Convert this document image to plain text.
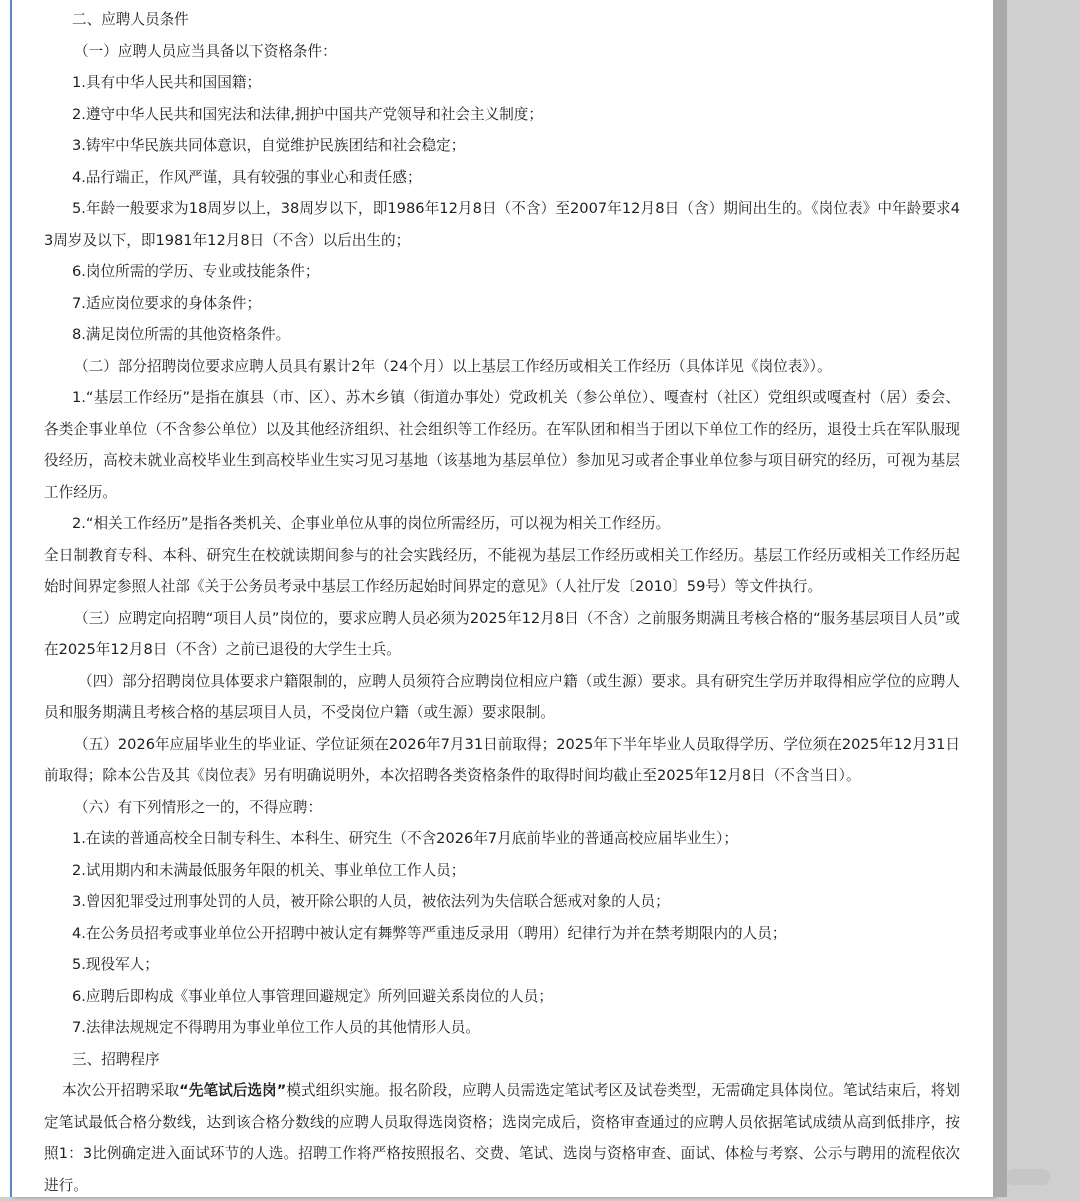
二、应聘人员条件

（一）应聘人员应当具备以下资格条件：

1.具有中华人民共和国国籍；

2.遵守中华人民共和国宪法和法律,拥护中国共产党领导和社会主义制度；

3.铸牢中华民族共同体意识，自觉维护民族团结和社会稳定；

4.品行端正，作风严谨，具有较强的事业心和责任感；

5.年龄一般要求为18周岁以上，38周岁以下，即1986年12月8日（不含）至2007年12月8日（含）期间出生的。《岗位表》中年龄要求43周岁及以下，即1981年12月8日（不含）以后出生的；

6.岗位所需的学历、专业或技能条件；

7.适应岗位要求的身体条件；

8.满足岗位所需的其他资格条件。

（二）部分招聘岗位要求应聘人员具有累计2年（24个月）以上基层工作经历或相关工作经历（具体详见《岗位表》）。

1.“基层工作经历”是指在旗县（市、区）、苏木乡镇（街道办事处）党政机关（参公单位）、嘎查村（社区）党组织或嘎查村（居）委会、各类企事业单位（不含参公单位）以及其他经济组织、社会组织等工作经历。在军队团和相当于团以下单位工作的经历，退役士兵在军队服现役经历，高校未就业高校毕业生到高校毕业生实习见习基地（该基地为基层单位）参加见习或者企事业单位参与项目研究的经历，可视为基层工作经历。

2.“相关工作经历”是指各类机关、企事业单位从事的岗位所需经历，可以视为相关工作经历。

全日制教育专科、本科、研究生在校就读期间参与的社会实践经历，不能视为基层工作经历或相关工作经历。基层工作经历或相关工作经历起始时间界定参照人社部《关于公务员考录中基层工作经历起始时间界定的意见》（人社厅发〔2010〕59号）等文件执行。

（三）应聘定向招聘“项目人员”岗位的，要求应聘人员必须为2025年12月8日（不含）之前服务期满且考核合格的“服务基层项目人员”或在2025年12月8日（不含）之前已退役的大学生士兵。

（四）部分招聘岗位具体要求户籍限制的，应聘人员须符合应聘岗位相应户籍（或生源）要求。具有研究生学历并取得相应学位的应聘人员和服务期满且考核合格的基层项目人员，不受岗位户籍（或生源）要求限制。

（五）2026年应届毕业生的毕业证、学位证须在2026年7月31日前取得；2025年下半年毕业人员取得学历、学位须在2025年12月31日前取得；除本公告及其《岗位表》另有明确说明外，本次招聘各类资格条件的取得时间均截止至2025年12月8日（不含当日）。

（六）有下列情形之一的，不得应聘：

1.在读的普通高校全日制专科生、本科生、研究生（不含2026年7月底前毕业的普通高校应届毕业生）；

2.试用期内和未满最低服务年限的机关、事业单位工作人员；

3.曾因犯罪受过刑事处罚的人员，被开除公职的人员，被依法列为失信联合惩戒对象的人员；

4.在公务员招考或事业单位公开招聘中被认定有舞弊等严重违反录用（聘用）纪律行为并在禁考期限内的人员；

5.现役军人；

6.应聘后即构成《事业单位人事管理回避规定》所列回避关系岗位的人员；

7.法律法规规定不得聘用为事业单位工作人员的其他情形人员。

三、招聘程序

本次公开招聘采取“先笔试后选岗”模式组织实施。报名阶段，应聘人员需选定笔试考区及试卷类型，无需确定具体岗位。笔试结束后，将划定笔试最低合格分数线，达到该合格分数线的应聘人员取得选岗资格；选岗完成后，资格审查通过的应聘人员依据笔试成绩从高到低排序，按照1：3比例确定进入面试环节的人选。招聘工作将严格按照报名、交费、笔试、选岗与资格审查、面试、体检与考察、公示与聘用的流程依次进行。
